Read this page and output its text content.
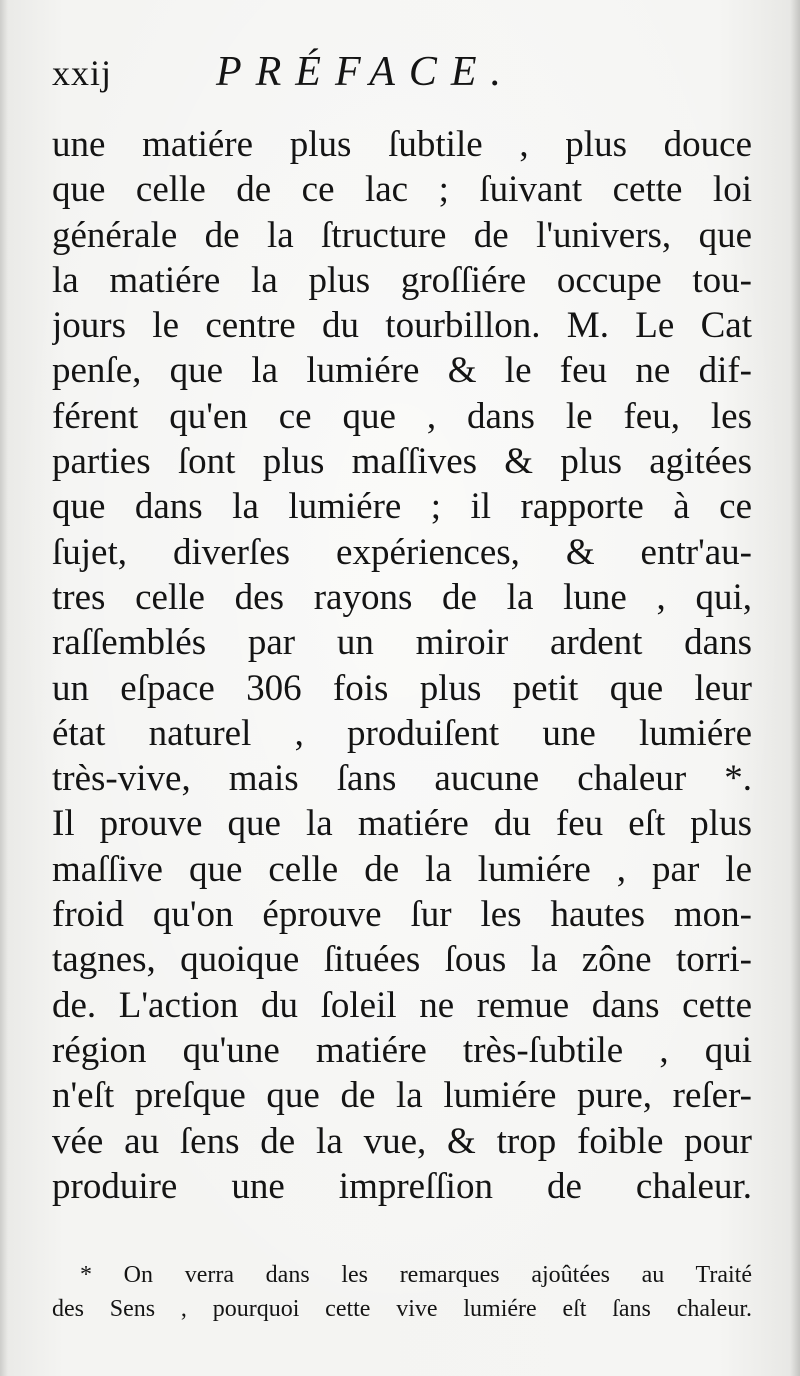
xxij PRÉFACE.
une matiére plus ſubtile , plus douce
que celle de ce lac ; ſuivant cette loi
générale de la ſtructure de l'univers, que
la matiére la plus groſſiére occupe tou-
jours le centre du tourbillon. M. Le Cat
penſe, que la lumiére & le feu ne dif-
férent qu'en ce que , dans le feu, les
parties ſont plus maſſives & plus agitées
que dans la lumiére ; il rapporte à ce
ſujet, diverſes expériences, & entr'au-
tres celle des rayons de la lune , qui,
raſſemblés par un miroir ardent dans
un eſpace 306 fois plus petit que leur
état naturel , produiſent une lumiére
très-vive, mais ſans aucune chaleur *.
Il prouve que la matiére du feu eſt plus
maſſive que celle de la lumiére , par le
froid qu'on éprouve ſur les hautes mon-
tagnes, quoique ſituées ſous la zône torri-
de. L'action du ſoleil ne remue dans cette
région qu'une matiére très-ſubtile , qui
n'eſt preſque que de la lumiére pure, reſer-
vée au ſens de la vue, & trop foible pour
produire une impreſſion de chaleur.
* On verra dans les remarques ajoûtées au Traité
des Sens , pourquoi cette vive lumiére eſt ſans chaleur.
